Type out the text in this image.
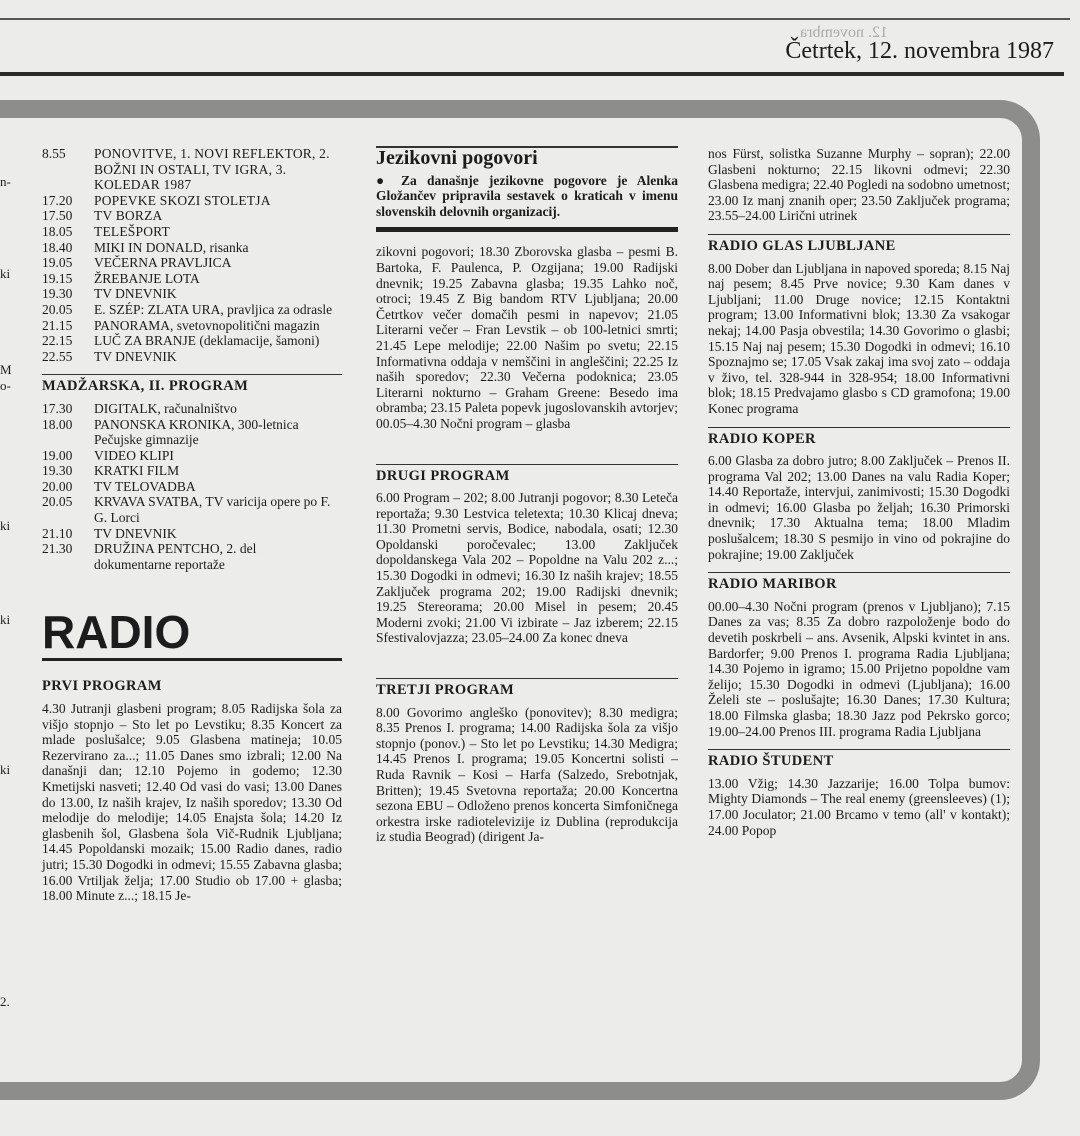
12. novembra
Četrtek, 12. novembra 1987
n-
ki
M
o-
ki
ki
2.
ki
8.55	PONOVITVE, 1. NOVI REFLEKTOR, 2. BOŽNI IN OSTALI, TV IGRA, 3. KOLEDAR 1987
17.20	POPEVKE SKOZI STOLETJA
17.50	TV BORZA
18.05	TELEŠPORT
18.40	MIKI IN DONALD, risanka
19.05	VEČERNA PRAVLJICA
19.15	ŽREBANJE LOTA
19.30	TV DNEVNIK
20.05	E. SZÉP: ZLATA URA, pravljica za odrasle
21.15	PANORAMA, svetovnopolitični magazin
22.15	LUČ ZA BRANJE (deklamacije, šamoni)
22.55	TV DNEVNIK
MADŽARSKA, II. PROGRAM
17.30	DIGITALK, računalništvo
18.00	PANONSKA KRONIKA, 300-letnica Pečujske gimnazije
19.00	VIDEO KLIPI
19.30	KRATKI FILM
20.00	TV TELOVADBA
20.05	KRVAVA SVATBA, TV varicija opere po F. G. Lorci
21.10	TV DNEVNIK
21.30	DRUŽINA PENTCHO, 2. del
dokumentarne reportaže
RADIO
PRVI PROGRAM

4.30 Jutranji glasbeni program; 8.05 Radijska šola za višjo stopnjo – Sto let po Levstiku; 8.35 Koncert za mlade poslušalce; 9.05 Glasbena matineja; 10.05 Rezervirano za...; 11.05 Danes smo izbrali; 12.00 Na današnji dan; 12.10 Pojemo in godemo; 12.30 Kmetijski nasveti; 12.40 Od vasi do vasi; 13.00 Danes do 13.00, Iz naših krajev, Iz naših sporedov; 13.30 Od melodije do melodije; 14.05 Enajsta šola; 14.20 Iz glasbenih šol, Glasbena šola Vič-Rudnik Ljubljana; 14.45 Popoldanski mozaik; 15.00 Radio danes, radio jutri; 15.30 Dogodki in odmevi; 15.55 Zabavna glasba; 16.00 Vrtiljak želja; 17.00 Studio ob 17.00 + glasba; 18.00 Minute z...; 18.15 Je-

Jezikovni pogovori

● Za današnje jezikovne pogovore je Alenka Gložančev pripravila sestavek o kraticah v imenu slovenskih delovnih organizacij.

zikovni pogovori; 18.30 Zborovska glasba – pesmi B. Bartoka, F. Paulenca, P. Ozgijana; 19.00 Radijski dnevnik; 19.25 Zabavna glasba; 19.35 Lahko noč, otroci; 19.45 Z Big bandom RTV Ljubljana; 20.00 Četrtkov večer domačih pesmi in napevov; 21.05 Literarni večer – Fran Levstik – ob 100-letnici smrti; 21.45 Lepe melodije; 22.00 Našim po svetu; 22.15 Informativna oddaja v nemščini in angleščini; 22.25 Iz naših sporedov; 22.30 Večerna podoknica; 23.05 Literarni nokturno – Graham Greene: Besedo ima obramba; 23.15 Paleta popevk jugoslovanskih avtorjev; 00.05–4.30 Nočni program – glasba

DRUGI PROGRAM

6.00 Program – 202; 8.00 Jutranji pogovor; 8.30 Leteča reportaža; 9.30 Lestvica teletexta; 10.30 Klicaj dneva; 11.30 Prometni servis, Bodice, nabodala, osati; 12.30 Opoldanski poročevalec; 13.00 Zaključek dopoldanskega Vala 202 – Popoldne na Valu 202 z...; 15.30 Dogodki in odmevi; 16.30 Iz naših krajev; 18.55 Zaključek programa 202; 19.00 Radijski dnevnik; 19.25 Stereorama; 20.00 Misel in pesem; 20.45 Moderni zvoki; 21.00 Vi izbirate – Jaz izberem; 22.15 Sfestivalovjazza; 23.05–24.00 Za konec dneva

TRETJI PROGRAM

8.00 Govorimo angleško (ponovitev); 8.30 medigra; 8.35 Prenos I. programa; 14.00 Radijska šola za višjo stopnjo (ponov.) – Sto let po Levstiku; 14.30 Medigra; 14.45 Prenos I. programa; 19.05 Koncertni solisti – Ruda Ravnik – Kosi – Harfa (Salzedo, Srebotnjak, Britten); 19.45 Svetovna reportaža; 20.00 Koncertna sezona EBU – Odloženo prenos koncerta Simfoničnega orkestra irske radiotelevizije iz Dublina (reprodukcija iz studia Beograd) (dirigent Ja-

nos Fürst, solistka Suzanne Murphy – sopran); 22.00 Glasbeni nokturno; 22.15 likovni odmevi; 22.30 Glasbena medigra; 22.40 Pogledi na sodobno umetnost; 23.00 Iz manj znanih oper; 23.50 Zaključek programa; 23.55–24.00 Lirični utrinek

RADIO GLAS LJUBLJANE

8.00 Dober dan Ljubljana in napoved sporeda; 8.15 Naj naj pesem; 8.45 Prve novice; 9.30 Kam danes v Ljubljani; 11.00 Druge novice; 12.15 Kontaktni program; 13.00 Informativni blok; 13.30 Za vsakogar nekaj; 14.00 Pasja obvestila; 14.30 Govorimo o glasbi; 15.15 Naj naj pesem; 15.30 Dogodki in odmevi; 16.10 Spoznajmo se; 17.05 Vsak zakaj ima svoj zato – oddaja v živo, tel. 328-944 in 328-954; 18.00 Informativni blok; 18.15 Predvajamo glasbo s CD gramofona; 19.00 Konec programa

RADIO KOPER

6.00 Glasba za dobro jutro; 8.00 Zaključek – Prenos II. programa Val 202; 13.00 Danes na valu Radia Koper; 14.40 Reportaže, intervjui, zanimivosti; 15.30 Dogodki in odmevi; 16.00 Glasba po željah; 16.30 Primorski dnevnik; 17.30 Aktualna tema; 18.00 Mladim poslušalcem; 18.30 S pesmijo in vino od pokrajine do pokrajine; 19.00 Zaključek

RADIO MARIBOR

00.00–4.30 Nočni program (prenos v Ljubljano); 7.15 Danes za vas; 8.35 Za dobro razpoloženje bodo do devetih poskrbeli – ans. Avsenik, Alpski kvintet in ans. Bardorfer; 9.00 Prenos I. programa Radia Ljubljana; 14.30 Pojemo in igramo; 15.00 Prijetno popoldne vam želijo; 15.30 Dogodki in odmevi (Ljubljana); 16.00 Želeli ste – poslušajte; 16.30 Danes; 17.30 Kultura; 18.00 Filmska glasba; 18.30 Jazz pod Pekrsko gorco; 19.00–24.00 Prenos III. programa Radia Ljubljana

RADIO ŠTUDENT

13.00 Vžig; 14.30 Jazzarije; 16.00 Tolpa bumov: Mighty Diamonds – The real enemy (greensleeves) (1); 17.00 Joculator; 21.00 Brcamo v temo (all' v kontakt); 24.00 Popop
